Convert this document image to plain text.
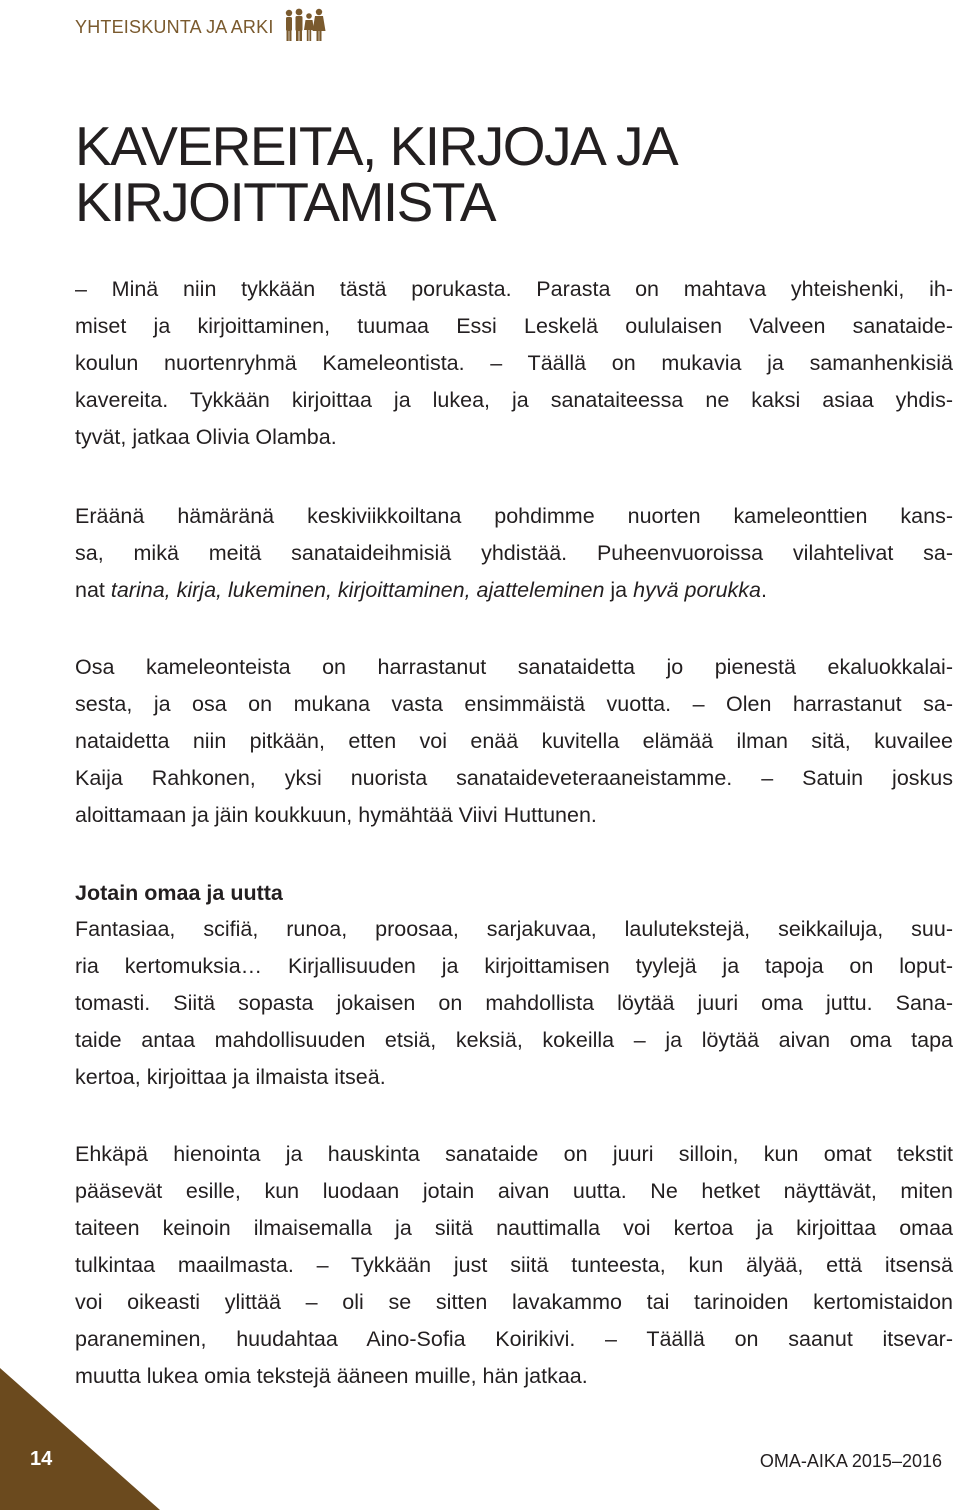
YHTEISKUNTA JA ARKI
KAVEREITA, KIRJOJA JA
KIRJOITTAMISTA
– Minä niin tykkään tästä porukasta. Parasta on mahtava yhteishenki, ih-
miset ja kirjoittaminen, tuumaa Essi Leskelä oululaisen Valveen sanataide-
koulun nuortenryhmä Kameleontista. – Täällä on mukavia ja samanhenkisiä
kavereita. Tykkään kirjoittaa ja lukea, ja sanataiteessa ne kaksi asiaa yhdis-
tyvät, jatkaa Olivia Olamba.
Eräänä hämäränä keskiviikkoiltana pohdimme nuorten kameleonttien kans-
sa, mikä meitä sanataideihmisiä yhdistää. Puheenvuoroissa vilahtelivat sa-
nat tarina, kirja, lukeminen, kirjoittaminen, ajatteleminen ja hyvä porukka.
Osa kameleonteista on harrastanut sanataidetta jo pienestä ekaluokkalai-
sesta, ja osa on mukana vasta ensimmäistä vuotta. – Olen harrastanut sa-
nataidetta niin pitkään, etten voi enää kuvitella elämää ilman sitä, kuvailee
Kaija Rahkonen, yksi nuorista sanataideveteraaneistamme. – Satuin joskus
aloittamaan ja jäin koukkuun, hymähtää Viivi Huttunen.
Jotain omaa ja uutta
Fantasiaa, scifiä, runoa, proosaa, sarjakuvaa, laulutekstejä, seikkailuja, suu-
ria kertomuksia… Kirjallisuuden ja kirjoittamisen tyylejä ja tapoja on loput-
tomasti. Siitä sopasta jokaisen on mahdollista löytää juuri oma juttu. Sana-
taide antaa mahdollisuuden etsiä, keksiä, kokeilla – ja löytää aivan oma tapa
kertoa, kirjoittaa ja ilmaista itseä.
Ehkäpä hienointa ja hauskinta sanataide on juuri silloin, kun omat tekstit
pääsevät esille, kun luodaan jotain aivan uutta. Ne hetket näyttävät, miten
taiteen keinoin ilmaisemalla ja siitä nauttimalla voi kertoa ja kirjoittaa omaa
tulkintaa maailmasta. – Tykkään just siitä tunteesta, kun älyää, että itsensä
voi oikeasti ylittää – oli se sitten lavakammo tai tarinoiden kertomistaidon
paraneminen, huudahtaa Aino-Sofia Koirikivi. – Täällä on saanut itsevar-
muutta lukea omia tekstejä ääneen muille, hän jatkaa.
14	OMA-AIKA 2015–2016
